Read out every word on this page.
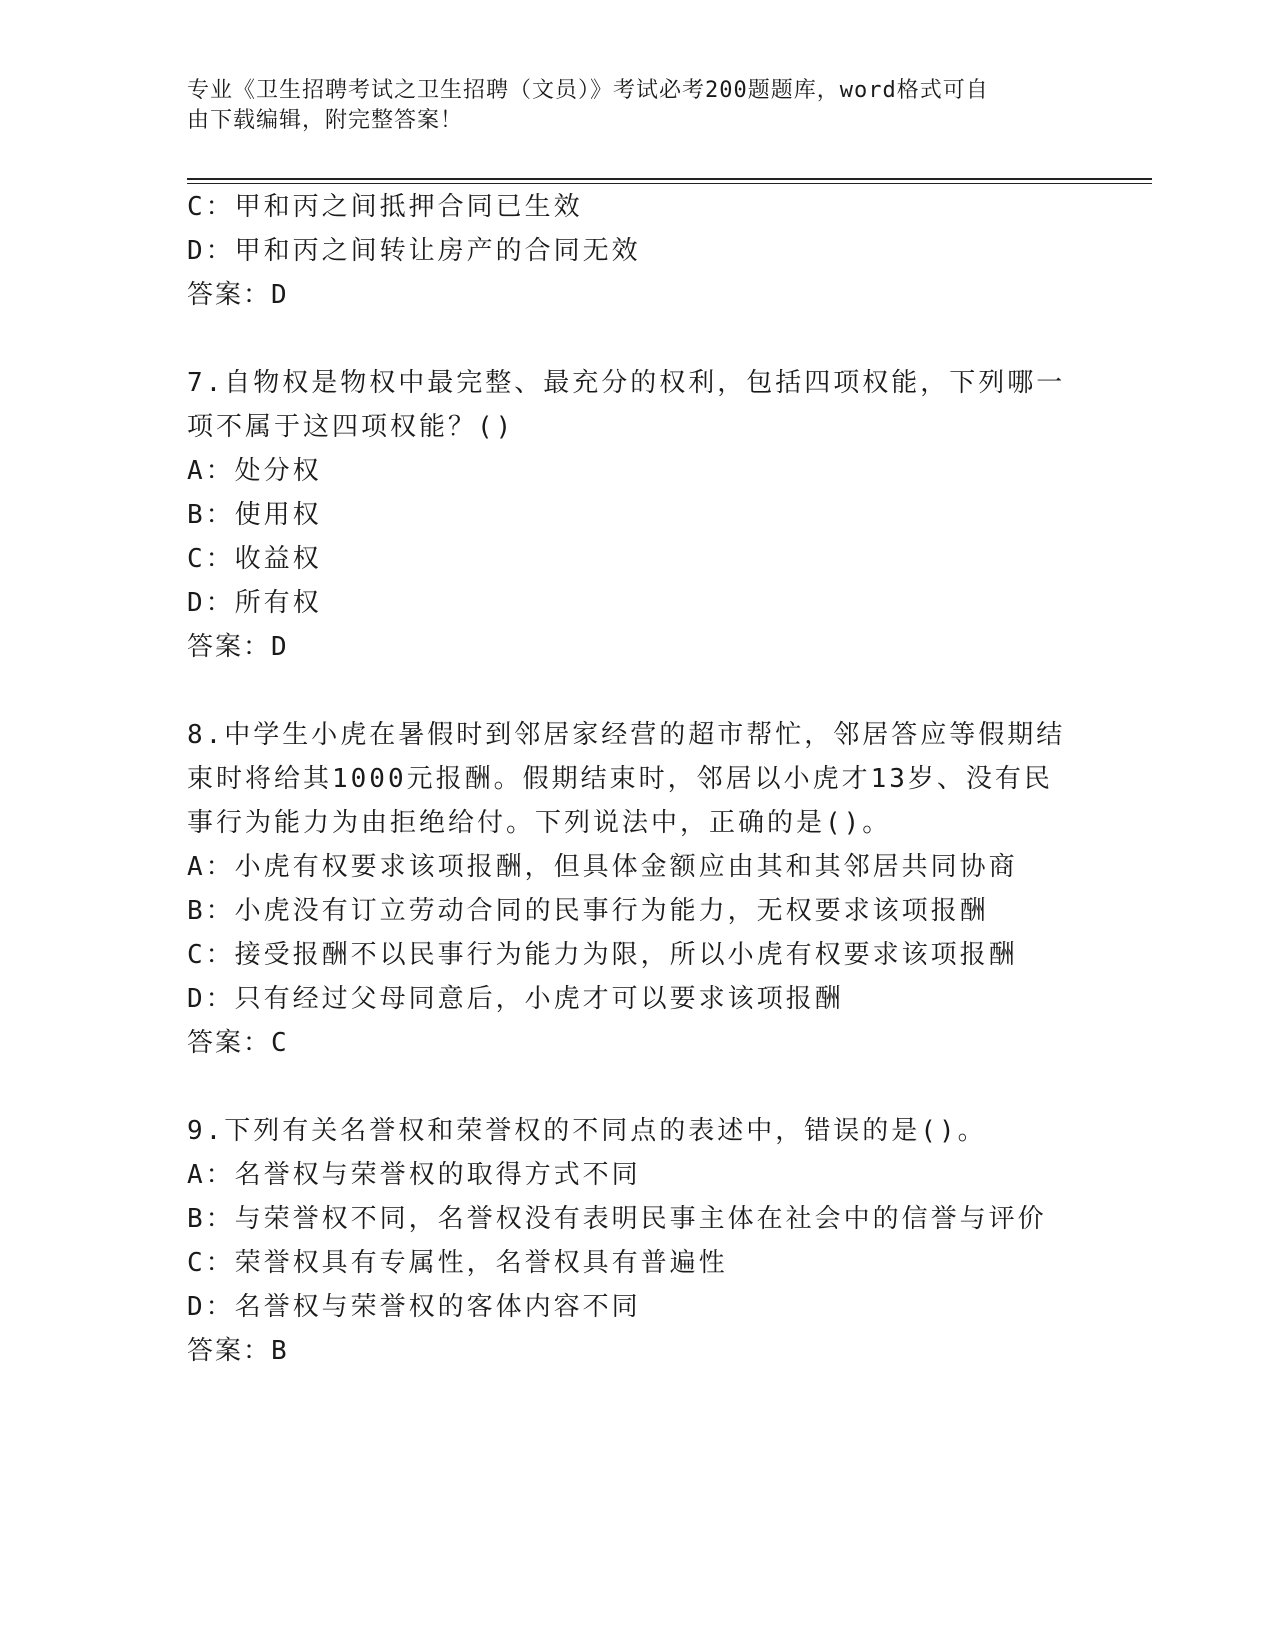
专业《卫生招聘考试之卫生招聘（文员）》考试必考200题题库，word格式可自
由下载编辑，附完整答案！
C：甲和丙之间抵押合同已生效
D：甲和丙之间转让房产的合同无效
答案：D
7.自物权是物权中最完整、最充分的权利，包括四项权能，下列哪一
项不属于这四项权能？()
A：处分权
B：使用权
C：收益权
D：所有权
答案：D
8.中学生小虎在暑假时到邻居家经营的超市帮忙，邻居答应等假期结
束时将给其1000元报酬。假期结束时，邻居以小虎才13岁、没有民
事行为能力为由拒绝给付。下列说法中，正确的是()。
A：小虎有权要求该项报酬，但具体金额应由其和其邻居共同协商
B：小虎没有订立劳动合同的民事行为能力，无权要求该项报酬
C：接受报酬不以民事行为能力为限，所以小虎有权要求该项报酬
D：只有经过父母同意后，小虎才可以要求该项报酬
答案：C
9.下列有关名誉权和荣誉权的不同点的表述中，错误的是()。
A：名誉权与荣誉权的取得方式不同
B：与荣誉权不同，名誉权没有表明民事主体在社会中的信誉与评价
C：荣誉权具有专属性，名誉权具有普遍性
D：名誉权与荣誉权的客体内容不同
答案：B
